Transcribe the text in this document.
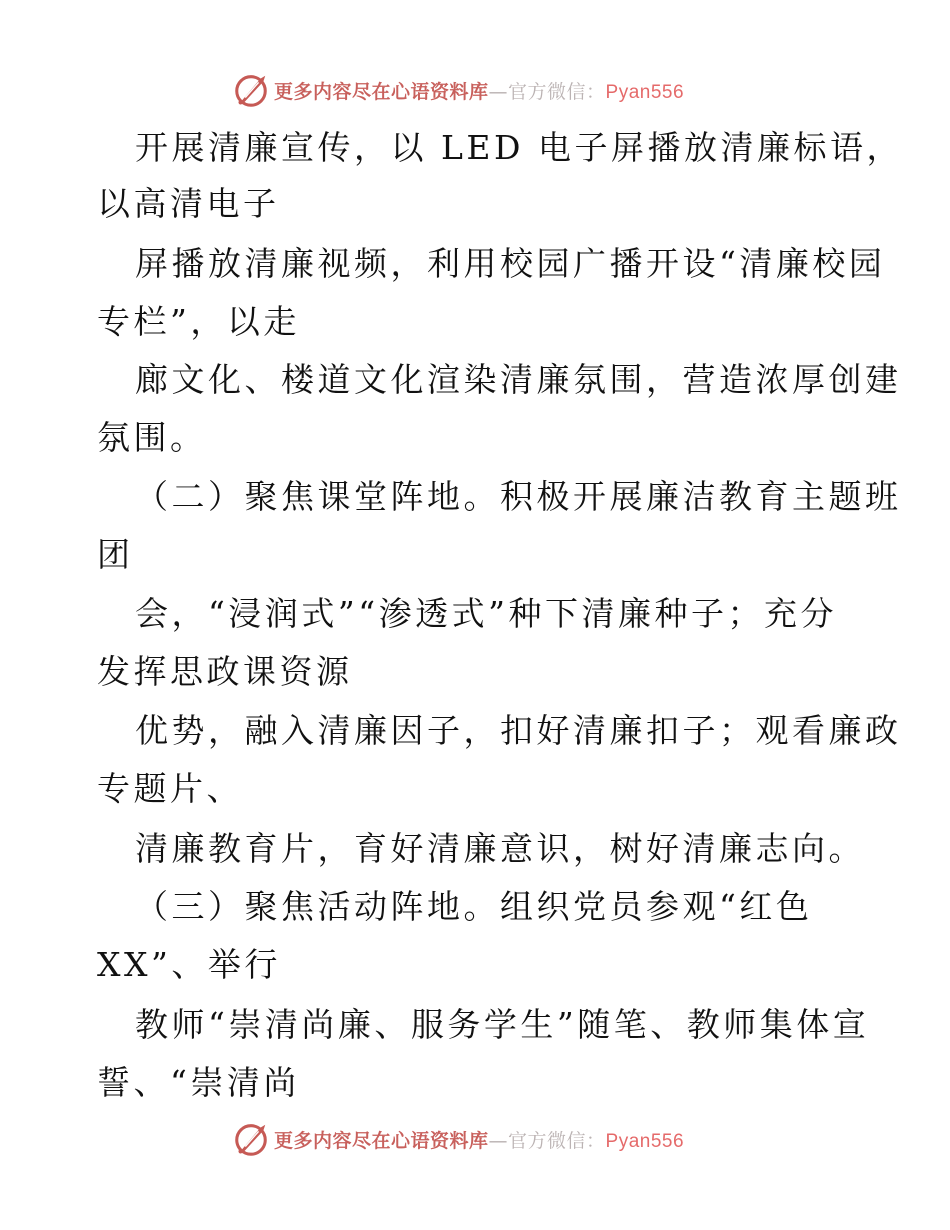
更多内容尽在心语资料库—官方微信：Pyan556
开展清廉宣传，以 LED 电子屏播放清廉标语，
以高清电子
屏播放清廉视频，利用校园广播开设“清廉校园
专栏”，以走
廊文化、楼道文化渲染清廉氛围，营造浓厚创建
氛围。
（二）聚焦课堂阵地。积极开展廉洁教育主题班
团
会，“浸润式”“渗透式”种下清廉种子；充分
发挥思政课资源
优势，融入清廉因子，扣好清廉扣子；观看廉政
专题片、
清廉教育片，育好清廉意识，树好清廉志向。
（三）聚焦活动阵地。组织党员参观“红色
XX”、举行
教师“崇清尚廉、服务学生”随笔、教师集体宣
誓、“崇清尚
更多内容尽在心语资料库—官方微信：Pyan556
